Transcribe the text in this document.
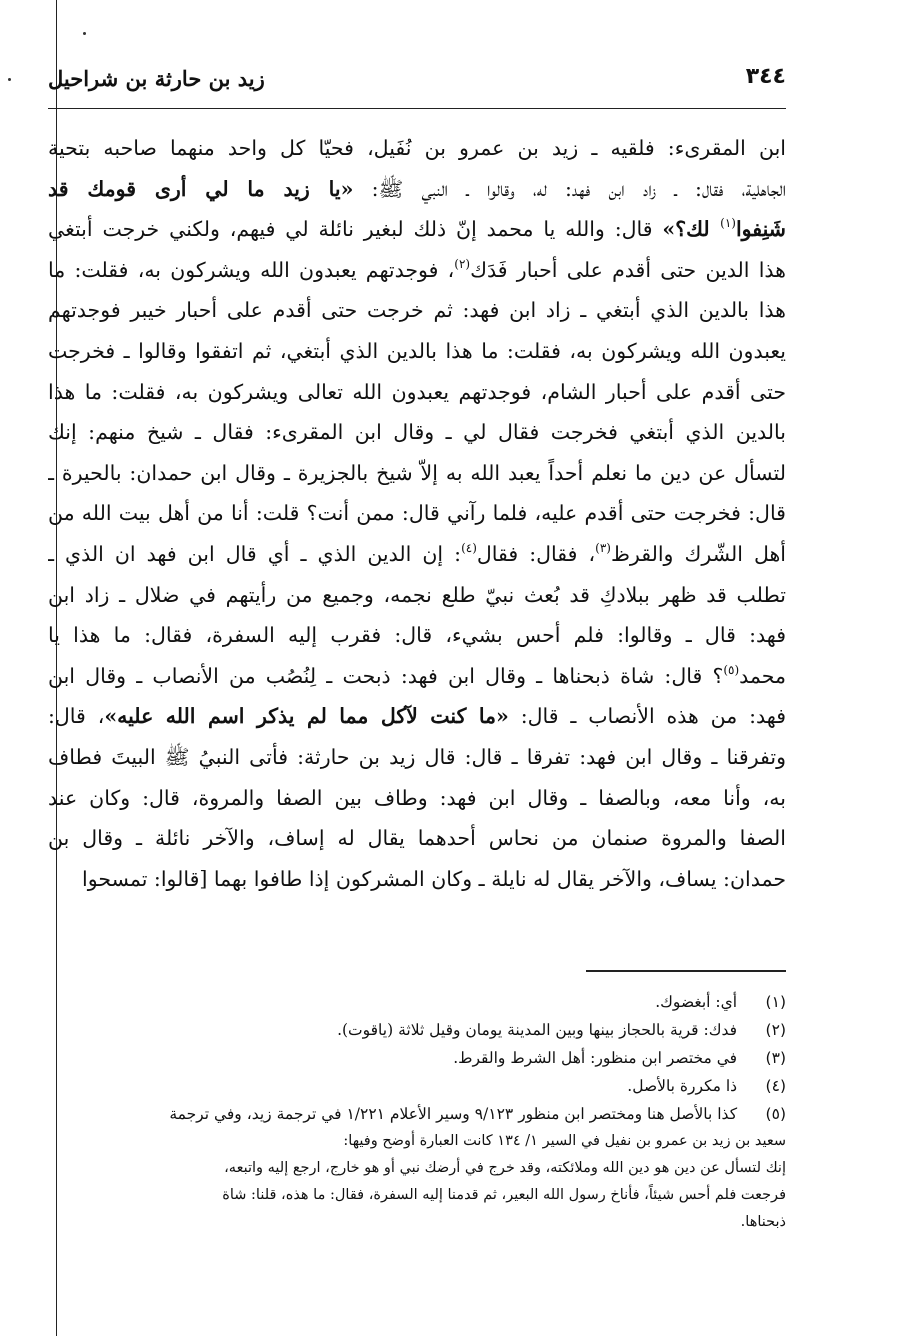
٣٤٤
زيد بن حارثة بن شراحيل
ابن المقرىء: فلقيه ـ زيد بن عمرو بن نُفَيل، فحيّا كل واحد منهما صاحبه بتحية
الجاهلية، فقال: ـ زاد ابن فهد: له، وقالوا ـ النبي ﷺ: «يا زيد ما لي أرى قومك قد
شَنِفوا$^{(١)}$ لك؟» قال: والله يا محمد إنّ ذلك لبغير نائلة لي فيهم، ولكني خرجت أبتغي
هذا الدين حتى أقدم على أحبار فَدَك$^{(٢)}$، فوجدتهم يعبدون الله ويشركون به، فقلت: ما
هذا بالدين الذي أبتغي ـ زاد ابن فهد: ثم خرجت حتى أقدم على أحبار خيبر فوجدتهم
يعبدون الله ويشركون به، فقلت: ما هذا بالدين الذي أبتغي، ثم اتفقوا وقالوا ـ فخرجت
حتى أقدم على أحبار الشام، فوجدتهم يعبدون الله تعالى ويشركون به، فقلت: ما هذا
بالدين الذي أبتغي فخرجت فقال لي ـ وقال ابن المقرىء: فقال ـ شيخ منهم: إنك
لتسأل عن دين ما نعلم أحداً يعبد الله به إلاّ شيخ بالجزيرة ـ وقال ابن حمدان: بالحيرة ـ
قال: فخرجت حتى أقدم عليه، فلما رآني قال: ممن أنت؟ قلت: أنا من أهل بيت الله من
أهل الشّرك والقرظ$^{(٣)}$، فقال: فقال$^{(٤)}$: إن الدين الذي ـ أي قال ابن فهد ان الذي ـ
تطلب قد ظهر ببلادكِ قد بُعث نبيّ طلع نجمه، وجميع من رأيتهم في ضلال ـ زاد ابن
فهد: قال ـ وقالوا: فلم أحس بشيء، قال: فقرب إليه السفرة، فقال: ما هذا يا
محمد$^{(٥)}$؟ قال: شاة ذبحناها ـ وقال ابن فهد: ذبحت ـ لِنُصُب من الأنصاب ـ وقال ابن
فهد: من هذه الأنصاب ـ قال: «ما كنت لآكل مما لم يذكر اسم الله عليه»، قال:
وتفرقنا ـ وقال ابن فهد: تفرقا ـ قال: قال زيد بن حارثة: فأتى النبيُ ﷺ البيتَ فطاف
به، وأنا معه، وبالصفا ـ وقال ابن فهد: وطاف بين الصفا والمروة، قال: وكان عند
الصفا والمروة صنمان من نحاس أحدهما يقال له إساف، والآخر نائلة ـ وقال بن
حمدان: يساف، والآخر يقال له نايلة ـ وكان المشركون إذا طافوا بهما [قالوا: تمسحوا
(١) أي: أبغضوك.
(٢) فدك: قرية بالحجاز بينها وبين المدينة يومان وقيل ثلاثة (ياقوت).
(٣) في مختصر ابن منظور: أهل الشرط والقرط.
(٤) ذا مكررة بالأصل.
(٥) كذا بالأصل هنا ومختصر ابن منظور ٩/١٢٣ وسير الأعلام ١/٢٢١ في ترجمة زيد، وفي ترجمة
سعيد بن زيد بن عمرو بن نفيل في السير ١/ ١٣٤ كانت العبارة أوضح وفيها:
إنك لتسأل عن دين هو دين الله وملائكته، وقد خرج في أرضك نبي أو هو خارج، ارجع إليه واتبعه،
فرجعت فلم أحس شيئاً، فأناخ رسول الله البعير، ثم قدمنا إليه السفرة، فقال: ما هذه، قلنا: شاة
ذبحناها.
